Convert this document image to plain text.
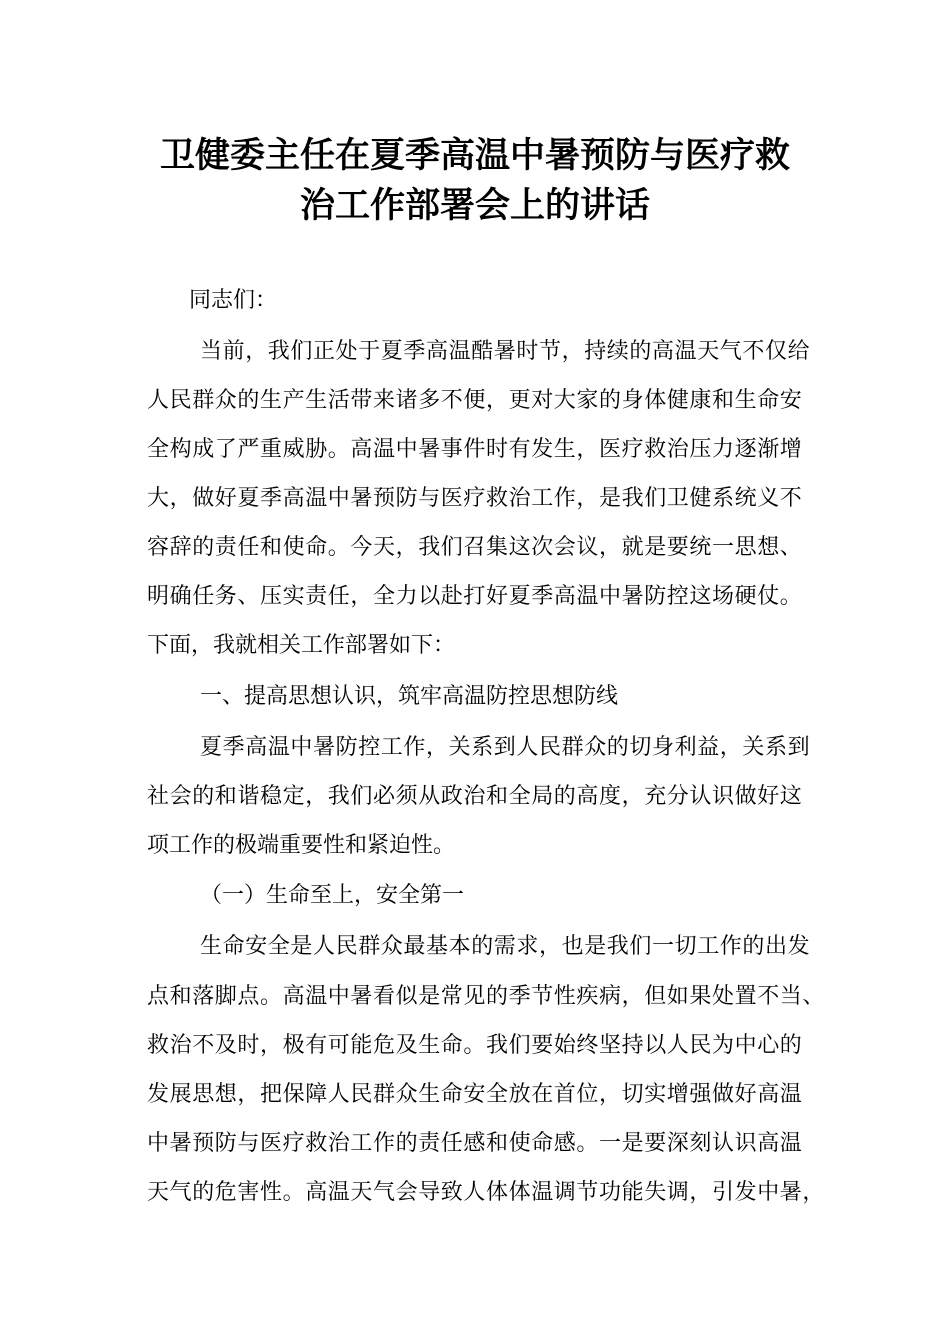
卫健委主任在夏季高温中暑预防与医疗救
治工作部署会上的讲话
同志们：
当前，我们正处于夏季高温酷暑时节，持续的高温天气不仅给
人民群众的生产生活带来诸多不便，更对大家的身体健康和生命安
全构成了严重威胁。高温中暑事件时有发生，医疗救治压力逐渐增
大，做好夏季高温中暑预防与医疗救治工作，是我们卫健系统义不
容辞的责任和使命。今天，我们召集这次会议，就是要统一思想、
明确任务、压实责任，全力以赴打好夏季高温中暑防控这场硬仗。
下面，我就相关工作部署如下：
一、提高思想认识，筑牢高温防控思想防线
夏季高温中暑防控工作，关系到人民群众的切身利益，关系到
社会的和谐稳定，我们必须从政治和全局的高度，充分认识做好这
项工作的极端重要性和紧迫性。
（一）生命至上，安全第一
生命安全是人民群众最基本的需求，也是我们一切工作的出发
点和落脚点。高温中暑看似是常见的季节性疾病，但如果处置不当、
救治不及时，极有可能危及生命。我们要始终坚持以人民为中心的
发展思想，把保障人民群众生命安全放在首位，切实增强做好高温
中暑预防与医疗救治工作的责任感和使命感。一是要深刻认识高温
天气的危害性。高温天气会导致人体体温调节功能失调，引发中暑，
